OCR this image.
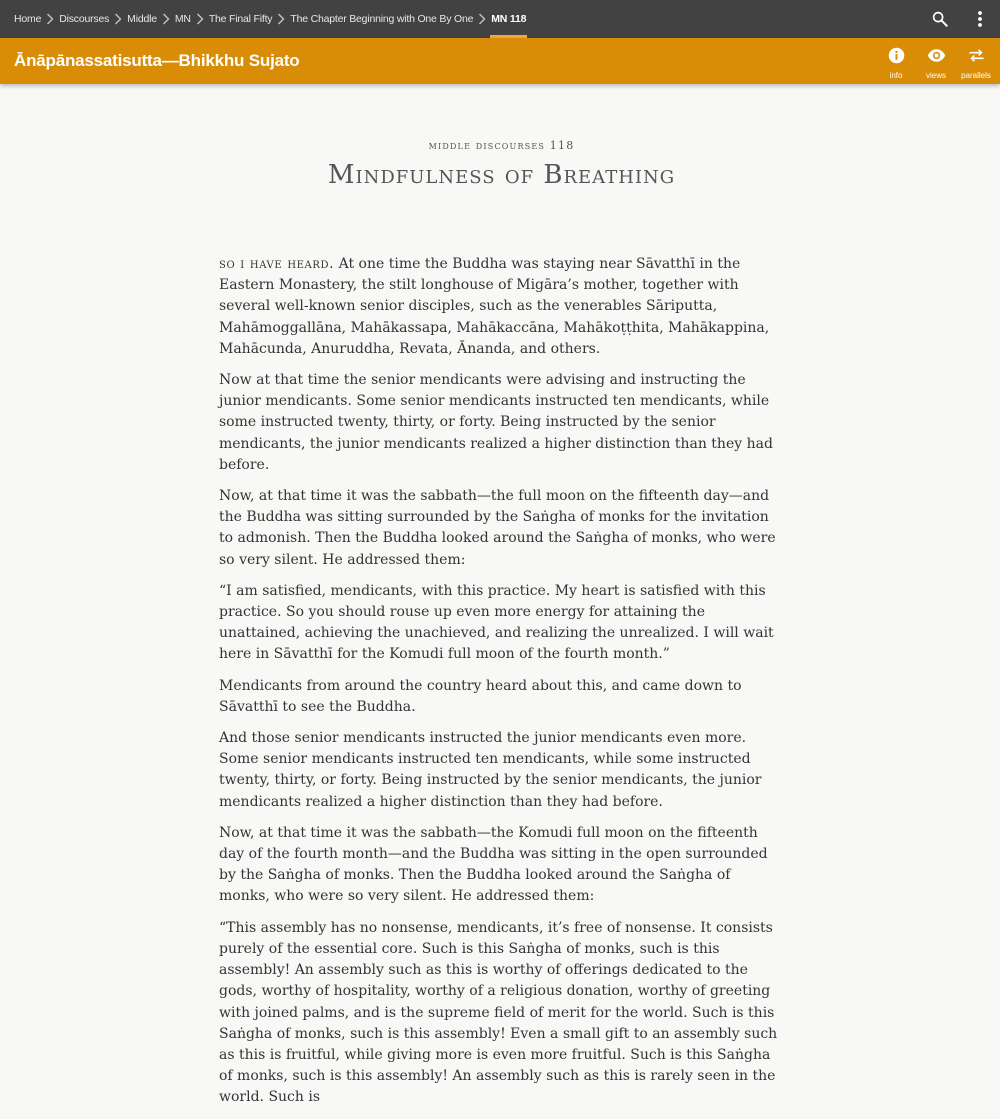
Home Discourses Middle MN The Final Fifty The Chapter Beginning with One By One MN 118
Ānāpānassatisutta—Bhikkhu Sujato
info	views parallels
middle discourses 118
Mindfulness of Breathing

so i have heard. At one time the Buddha was staying near Sāvatthī in the Eastern Monastery, the stilt longhouse of Migāra’s mother, together with several well-known senior disciples, such as the venerables Sāriputta, Mahāmoggallāna, Mahākassapa, Mahākaccāna, Mahākoṭṭhita, Mahākappina, Mahācunda, Anuruddha, Revata, Ānanda, and others.

Now at that time the senior mendicants were advising and instructing the junior mendicants. Some senior mendicants instructed ten mendicants, while some instructed twenty, thirty, or forty. Being instructed by the senior mendicants, the junior mendicants realized a higher distinction than they had before.

Now, at that time it was the sabbath—the full moon on the fifteenth day—and the Buddha was sitting surrounded by the Saṅgha of monks for the invitation to admonish. Then the Buddha looked around the Saṅgha of monks, who were so very silent. He addressed them:

“I am satisfied, mendicants, with this practice. My heart is satisfied with this practice. So you should rouse up even more energy for attaining the unattained, achieving the unachieved, and realizing the unrealized. I will wait here in Sāvatthī for the Komudi full moon of the fourth month.”

Mendicants from around the country heard about this, and came down to Sāvatthī to see the Buddha.

And those senior mendicants instructed the junior mendicants even more. Some senior mendicants instructed ten mendicants, while some instructed twenty, thirty, or forty. Being instructed by the senior mendicants, the junior mendicants realized a higher distinction than they had before.

Now, at that time it was the sabbath—the Komudi full moon on the fifteenth day of the fourth month—and the Buddha was sitting in the open surrounded by the Saṅgha of monks. Then the Buddha looked around the Saṅgha of monks, who were so very silent. He addressed them:

“This assembly has no nonsense, mendicants, it’s free of nonsense. It consists purely of the essential core. Such is this Saṅgha of monks, such is this assembly! An assembly such as this is worthy of offerings dedicated to the gods, worthy of hospitality, worthy of a religious donation, worthy of greeting with joined palms, and is the supreme field of merit for the world. Such is this Saṅgha of monks, such is this assembly! Even a small gift to an assembly such as this is fruitful, while giving more is even more fruitful. Such is this Saṅgha of monks, such is this assembly! An assembly such as this is rarely seen in the world. Such is
